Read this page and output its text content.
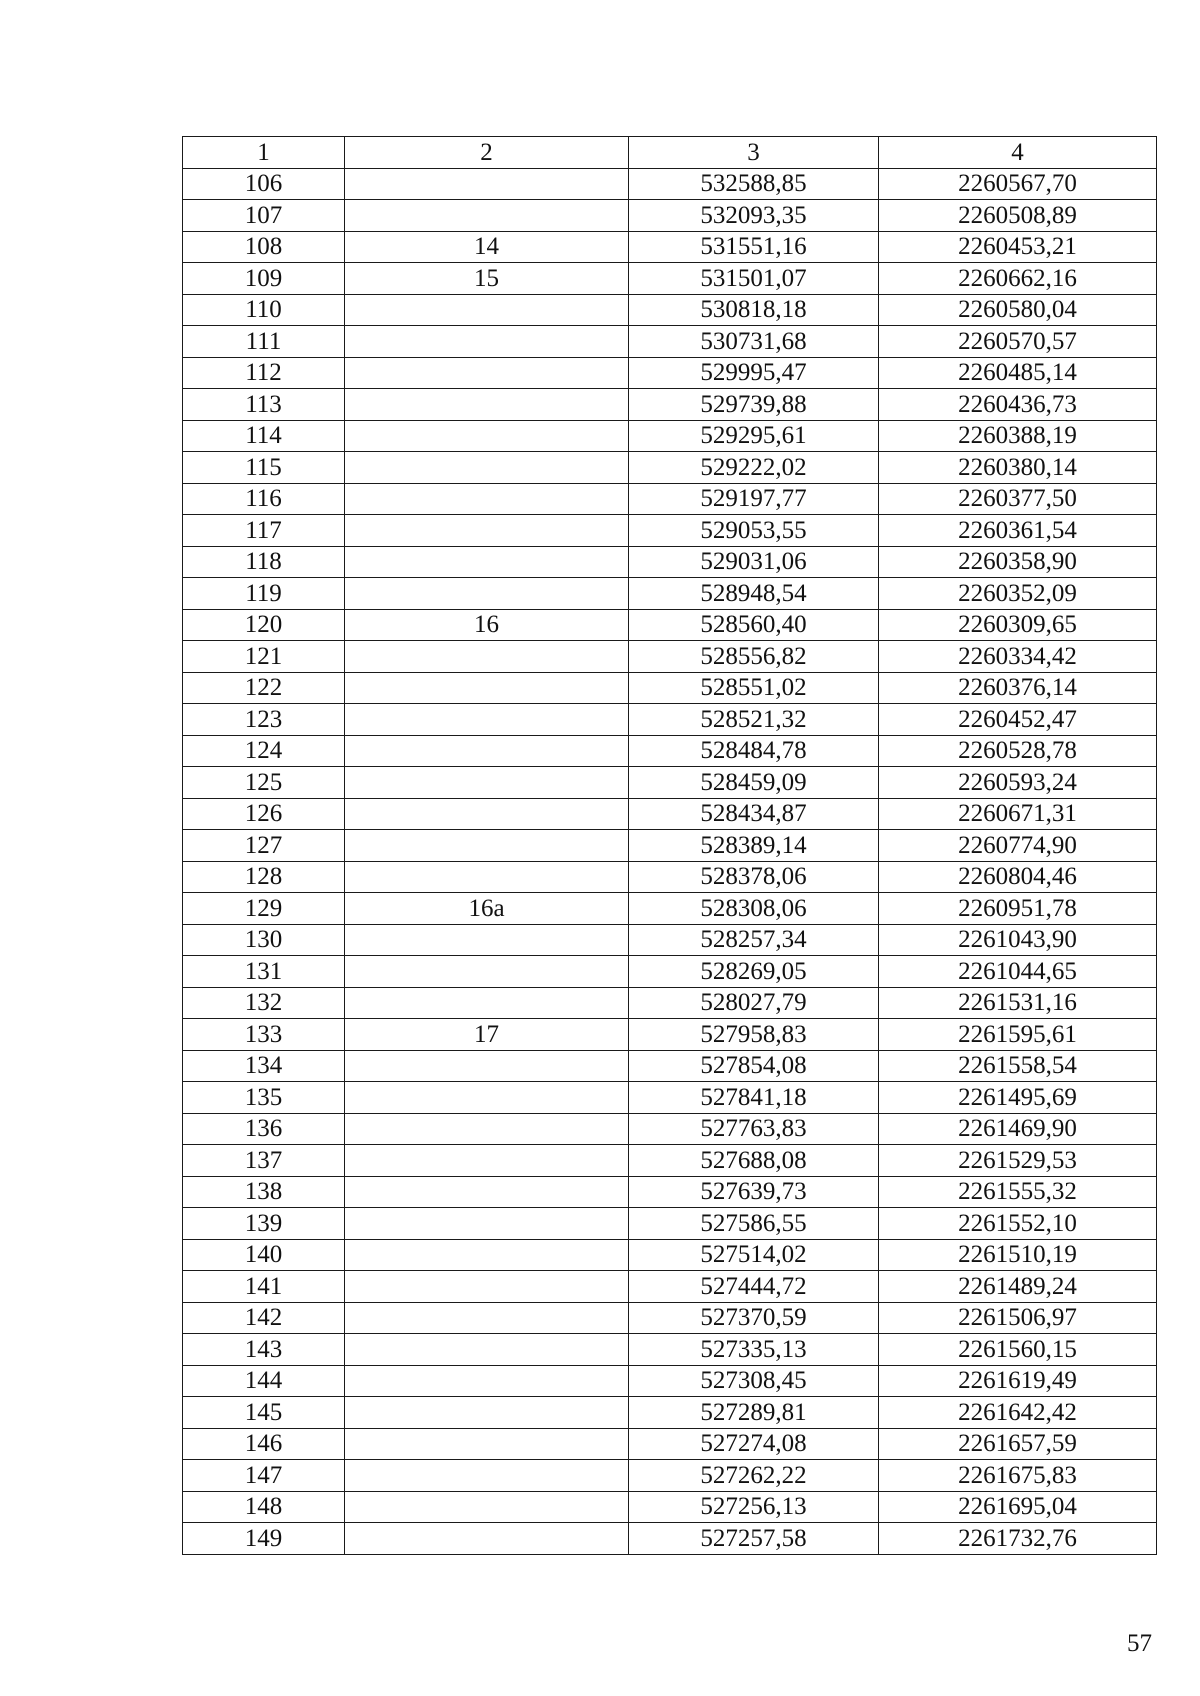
1	2	3	4
106		532588,85	2260567,70
107		532093,35	2260508,89
108	14	531551,16	2260453,21
109	15	531501,07	2260662,16
110		530818,18	2260580,04
111		530731,68	2260570,57
112		529995,47	2260485,14
113		529739,88	2260436,73
114		529295,61	2260388,19
115		529222,02	2260380,14
116		529197,77	2260377,50
117		529053,55	2260361,54
118		529031,06	2260358,90
119		528948,54	2260352,09
120	16	528560,40	2260309,65
121		528556,82	2260334,42
122		528551,02	2260376,14
123		528521,32	2260452,47
124		528484,78	2260528,78
125		528459,09	2260593,24
126		528434,87	2260671,31
127		528389,14	2260774,90
128		528378,06	2260804,46
129	16а	528308,06	2260951,78
130		528257,34	2261043,90
131		528269,05	2261044,65
132		528027,79	2261531,16
133	17	527958,83	2261595,61
134		527854,08	2261558,54
135		527841,18	2261495,69
136		527763,83	2261469,90
137		527688,08	2261529,53
138		527639,73	2261555,32
139		527586,55	2261552,10
140		527514,02	2261510,19
141		527444,72	2261489,24
142		527370,59	2261506,97
143		527335,13	2261560,15
144		527308,45	2261619,49
145		527289,81	2261642,42
146		527274,08	2261657,59
147		527262,22	2261675,83
148		527256,13	2261695,04
149		527257,58	2261732,76
57
